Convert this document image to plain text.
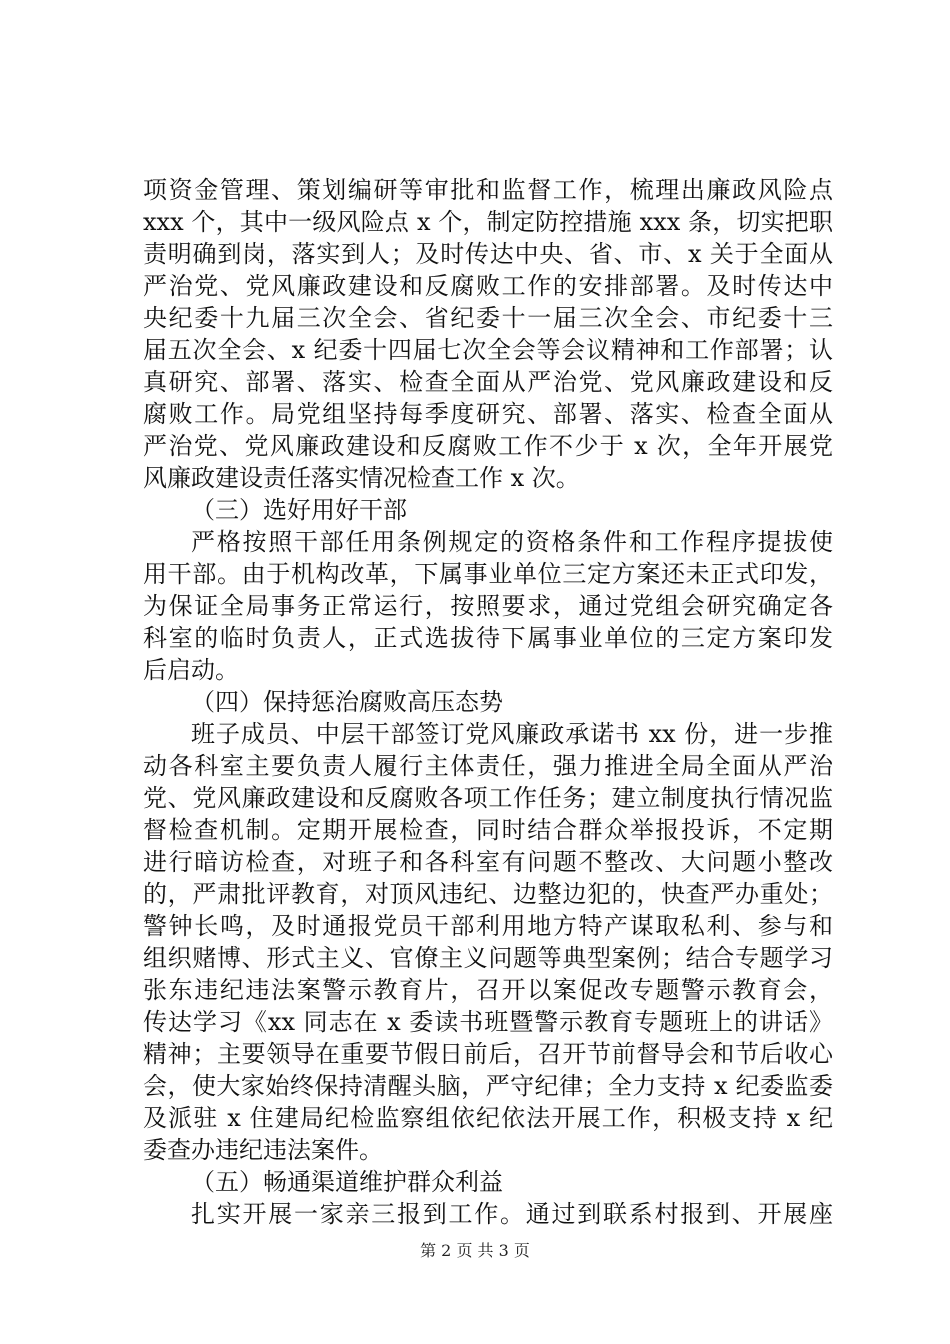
项资金管理、策划编研等审批和监督工作，梳理出廉政风险点
xxx 个，其中一级风险点 x 个，制定防控措施 xxx 条，切实把职
责明确到岗，落实到人；及时传达中央、省、市、x 关于全面从
严治党、党风廉政建设和反腐败工作的安排部署。及时传达中
央纪委十九届三次全会、省纪委十一届三次全会、市纪委十三
届五次全会、x 纪委十四届七次全会等会议精神和工作部署；认
真研究、部署、落实、检查全面从严治党、党风廉政建设和反
腐败工作。局党组坚持每季度研究、部署、落实、检查全面从
严治党、党风廉政建设和反腐败工作不少于 x 次，全年开展党
风廉政建设责任落实情况检查工作 x 次。
（三）选好用好干部
严格按照干部任用条例规定的资格条件和工作程序提拔使
用干部。由于机构改革，下属事业单位三定方案还未正式印发，
为保证全局事务正常运行，按照要求，通过党组会研究确定各
科室的临时负责人，正式选拔待下属事业单位的三定方案印发
后启动。
（四）保持惩治腐败高压态势
班子成员、中层干部签订党风廉政承诺书 xx 份，进一步推
动各科室主要负责人履行主体责任，强力推进全局全面从严治
党、党风廉政建设和反腐败各项工作任务；建立制度执行情况监
督检查机制。定期开展检查，同时结合群众举报投诉，不定期
进行暗访检查，对班子和各科室有问题不整改、大问题小整改
的，严肃批评教育，对顶风违纪、边整边犯的，快查严办重处；
警钟长鸣，及时通报党员干部利用地方特产谋取私利、参与和
组织赌博、形式主义、官僚主义问题等典型案例；结合专题学习
张东违纪违法案警示教育片，召开以案促改专题警示教育会，
传达学习《xx 同志在 x 委读书班暨警示教育专题班上的讲话》
精神；主要领导在重要节假日前后，召开节前督导会和节后收心
会，使大家始终保持清醒头脑，严守纪律；全力支持 x 纪委监委
及派驻 x 住建局纪检监察组依纪依法开展工作，积极支持 x 纪
委查办违纪违法案件。
（五）畅通渠道维护群众利益
扎实开展一家亲三报到工作。通过到联系村报到、开展座
第 2 页 共 3 页
